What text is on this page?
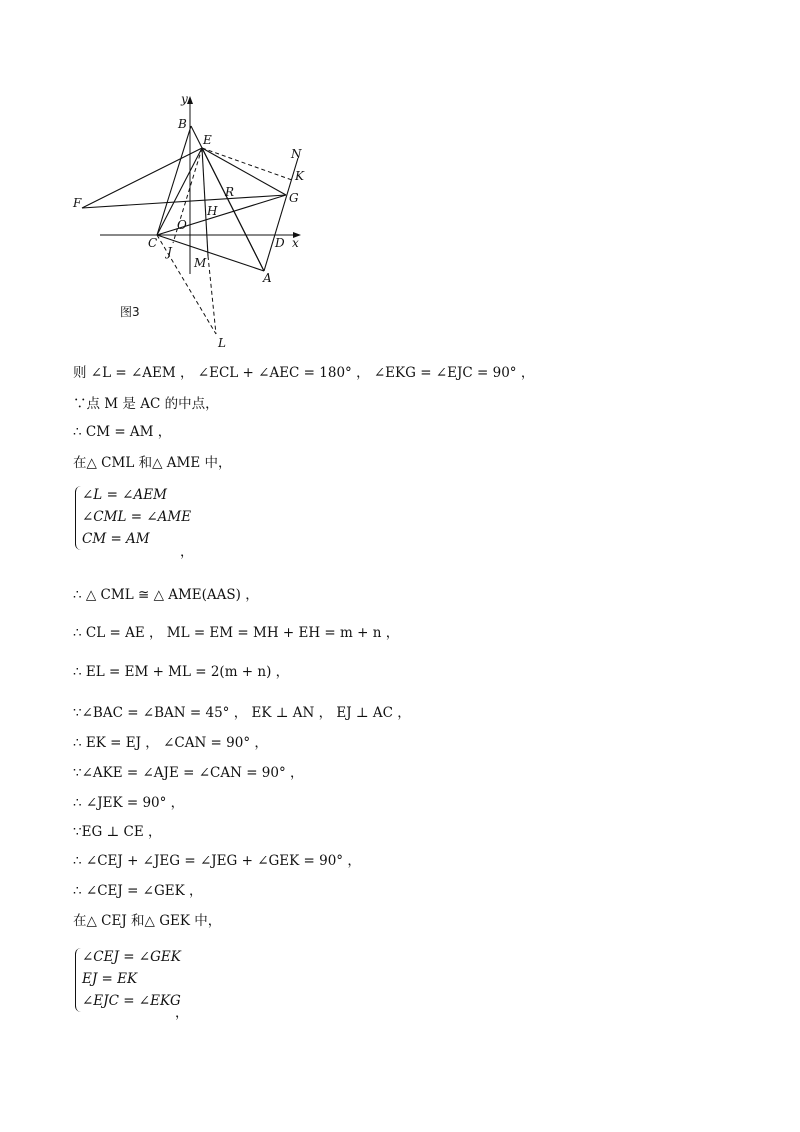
B
E
N
K
F
R	G
H
O
C
J
D
M
A
L
y
x
图3
则 ∠L = ∠AEM ， ∠ECL + ∠AEC = 180° ， ∠EKG = ∠EJC = 90° ，
∵点 M 是 AC 的中点，
∴ CM = AM ，
在△ CML 和△ AME 中，
∠L = ∠AEM
∠CML = ∠AME
CM = AM
，
∴ △ CML ≅ △ AME(AAS) ，
∴ CL = AE ， ML = EM = MH + EH = m + n ，
∴ EL = EM + ML = 2(m + n) ，
∵∠BAC = ∠BAN = 45° ， EK ⊥ AN ， EJ ⊥ AC ，
∴ EK = EJ ， ∠CAN = 90° ，
∵∠AKE = ∠AJE = ∠CAN = 90° ，
∴ ∠JEK = 90° ，
∵EG ⊥ CE ，
∴ ∠CEJ + ∠JEG = ∠JEG + ∠GEK = 90° ，
∴ ∠CEJ = ∠GEK ，
在△ CEJ 和△ GEK 中，
∠CEJ = ∠GEK
EJ = EK
∠EJC = ∠EKG
，
